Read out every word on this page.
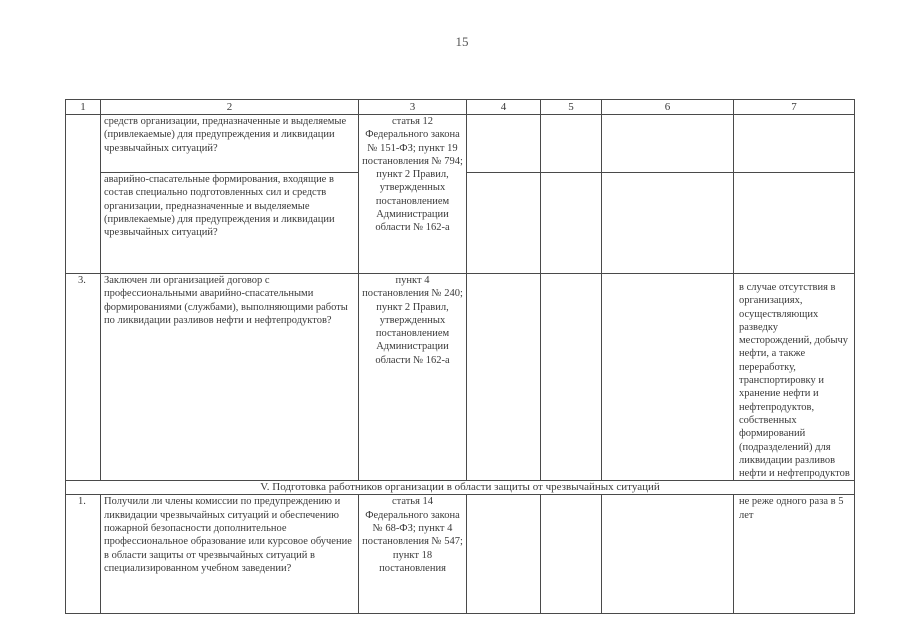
15
1	2	3	4	5	6	7
	средств организации, предназначенные и выделяемые (привлекаемые) для предупреждения и ликвидации чрезвычайных ситуаций?	статья 12 Федерального закона № 151-ФЗ; пункт 19 постановления № 794; пункт 2 Правил, утвержденных постановлением Администрации области № 162-а				
	аварийно-спасательные формирования, входящие в состав специально подготовленных сил и средств организации, предназначенные и выделяемые (привлекаемые) для предупреждения и ликвидации чрезвычайных ситуаций?					
3.	Заключен ли организацией договор с профессиональными аварийно-спасательными формированиями (службами), выполняющими работы по ликвидации разливов нефти и нефтепродуктов?	пункт 4 постановления № 240; пункт 2 Правил, утвержденных постановлением Администрации области № 162-а				в случае отсутствия в организациях, осуществляющих разведку месторождений, добычу нефти, а также переработку, транспортировку и хранение нефти и нефтепродуктов, собственных формирований (подразделений) для ликвидации разливов нефти и нефтепродуктов
V. Подготовка работников организации в области защиты от чрезвычайных ситуаций						
1.	Получили ли члены комиссии по предупреждению и ликвидации чрезвычайных ситуаций и обеспечению пожарной безопасности дополнительное профессиональное образование или курсовое обучение в области защиты от чрезвычайных ситуаций в специализированном учебном заведении?	статья 14 Федерального закона № 68-ФЗ; пункт 4 постановления № 547; пункт 18 постановления				не реже одного раза в 5 лет
